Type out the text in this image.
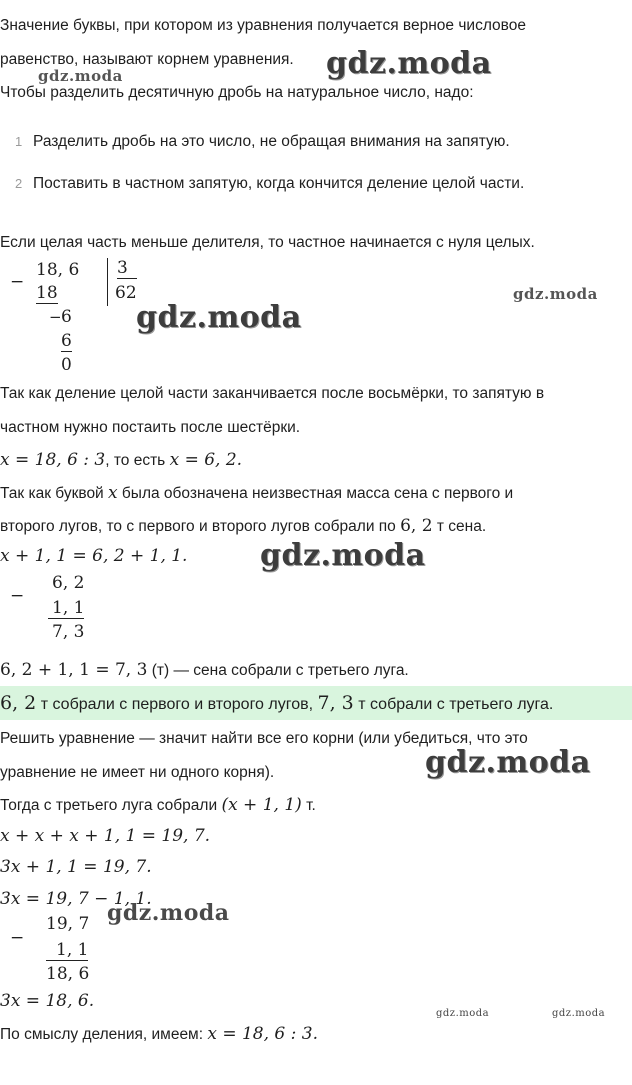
Значение буквы, при котором из уравнения получается верное числовое
равенство, называют корнем уравнения.
Чтобы разделить десятичную дробь на натуральное число, надо:
1 Разделить дробь на это число, не обращая внимания на запятую.
2 Поставить в частном запятую, когда кончится деление целой части.
Если целая часть меньше делителя, то частное начинается с нуля целых.
−
18, 6
18
− 6
6
0
3
62
Так как деление целой части заканчивается после восьмёрки, то запятую в
частном нужно постаить после шестёрки.
x = 18, 6 : 3, то есть x = 6, 2.
Так как буквой x была обозначена неизвестная масса сена с первого и
второго лугов, то с первого и второго лугов собрали по 6, 2 т сена.
x + 1, 1 = 6, 2 + 1, 1.
−
6, 2
1, 1
7, 3
6, 2 + 1, 1 = 7, 3 (т) — сена собрали с третьего луга.
6, 2 т собрали с первого и второго лугов, 7, 3 т собрали с третьего луга.
Решить уравнение — значит найти все его корни (или убедиться, что это
уравнение не имеет ни одного корня).
Тогда с третьего луга собрали (x + 1, 1) т.
x + x + x + 1, 1 = 19, 7.
3x + 1, 1 = 19, 7.
3x = 19, 7 − 1, 1.
−
19, 7
1, 1
18, 6
3x = 18, 6.
По смыслу деления, имеем: x = 18, 6 : 3.
gdz.moda	gdz.moda
gdz.moda
gdz.moda
gdz.moda
gdz.moda
gdz.moda
gdz.moda	gdz.moda
